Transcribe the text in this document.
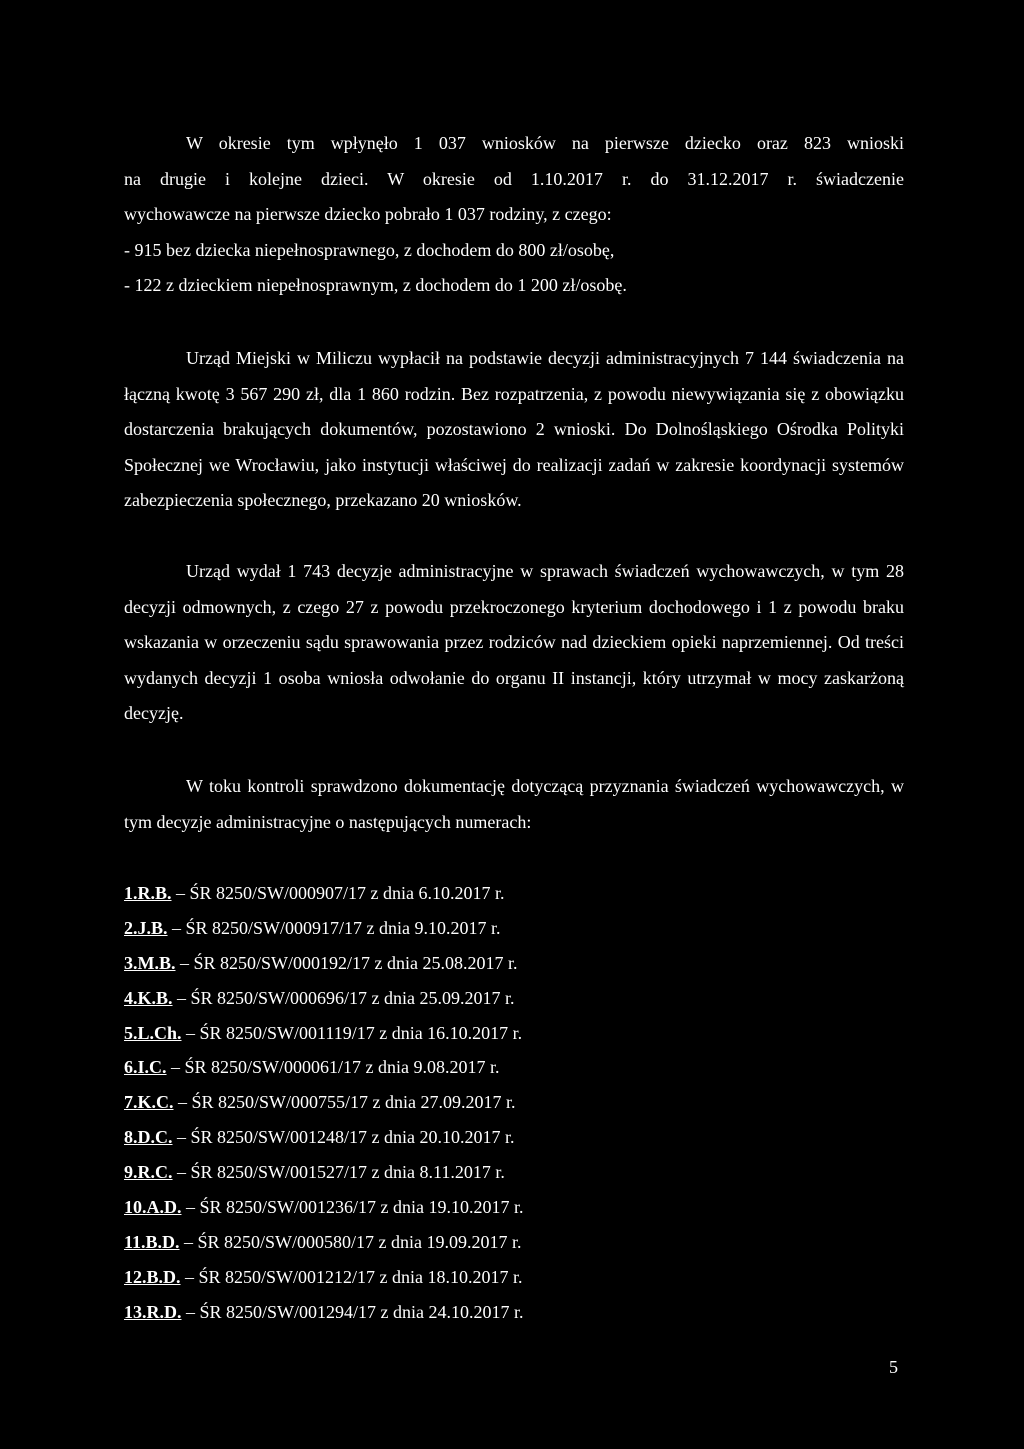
W okresie tym wpłynęło 1 037 wniosków na pierwsze dziecko oraz 823 wnioski
na drugie i kolejne dzieci. W okresie od 1.10.2017 r. do 31.12.2017 r. świadczenie
wychowawcze na pierwsze dziecko pobrało 1 037 rodziny, z czego:
- 915 bez dziecka niepełnosprawnego, z dochodem do 800 zł/osobę,
- 122 z dzieckiem niepełnosprawnym, z dochodem do 1 200 zł/osobę.

Urząd Miejski w Miliczu wypłacił na podstawie decyzji administracyjnych 7 144 świadczenia na łączną kwotę 3 567 290 zł, dla 1 860 rodzin. Bez rozpatrzenia, z powodu niewywiązania się z obowiązku dostarczenia brakujących dokumentów, pozostawiono 2 wnioski. Do Dolnośląskiego Ośrodka Polityki Społecznej we Wrocławiu, jako instytucji właściwej do realizacji zadań w zakresie koordynacji systemów zabezpieczenia społecznego, przekazano 20 wniosków.

Urząd wydał 1 743 decyzje administracyjne w sprawach świadczeń wychowawczych, w tym 28 decyzji odmownych, z czego 27 z powodu przekroczonego kryterium dochodowego i 1 z powodu braku wskazania w orzeczeniu sądu sprawowania przez rodziców nad dzieckiem opieki naprzemiennej. Od treści wydanych decyzji 1 osoba wniosła odwołanie do organu II instancji, który utrzymał w mocy zaskarżoną decyzję.

W toku kontroli sprawdzono dokumentację dotyczącą przyznania świadczeń wychowawczych, w tym decyzje administracyjne o następujących numerach:

1.R.B. – ŚR 8250/SW/000907/17 z dnia 6.10.2017 r.
2.J.B. – ŚR 8250/SW/000917/17 z dnia 9.10.2017 r.
3.M.B. – ŚR 8250/SW/000192/17 z dnia 25.08.2017 r.
4.K.B. – ŚR 8250/SW/000696/17 z dnia 25.09.2017 r.
5.L.Ch. – ŚR 8250/SW/001119/17 z dnia 16.10.2017 r.
6.I.C. – ŚR 8250/SW/000061/17 z dnia 9.08.2017 r.
7.K.C. – ŚR 8250/SW/000755/17 z dnia 27.09.2017 r.
8.D.C. – ŚR 8250/SW/001248/17 z dnia 20.10.2017 r.
9.R.C. – ŚR 8250/SW/001527/17 z dnia 8.11.2017 r.
10.A.D. – ŚR 8250/SW/001236/17 z dnia 19.10.2017 r.
11.B.D. – ŚR 8250/SW/000580/17 z dnia 19.09.2017 r.
12.B.D. – ŚR 8250/SW/001212/17 z dnia 18.10.2017 r.
13.R.D. – ŚR 8250/SW/001294/17 z dnia 24.10.2017 r.
5
